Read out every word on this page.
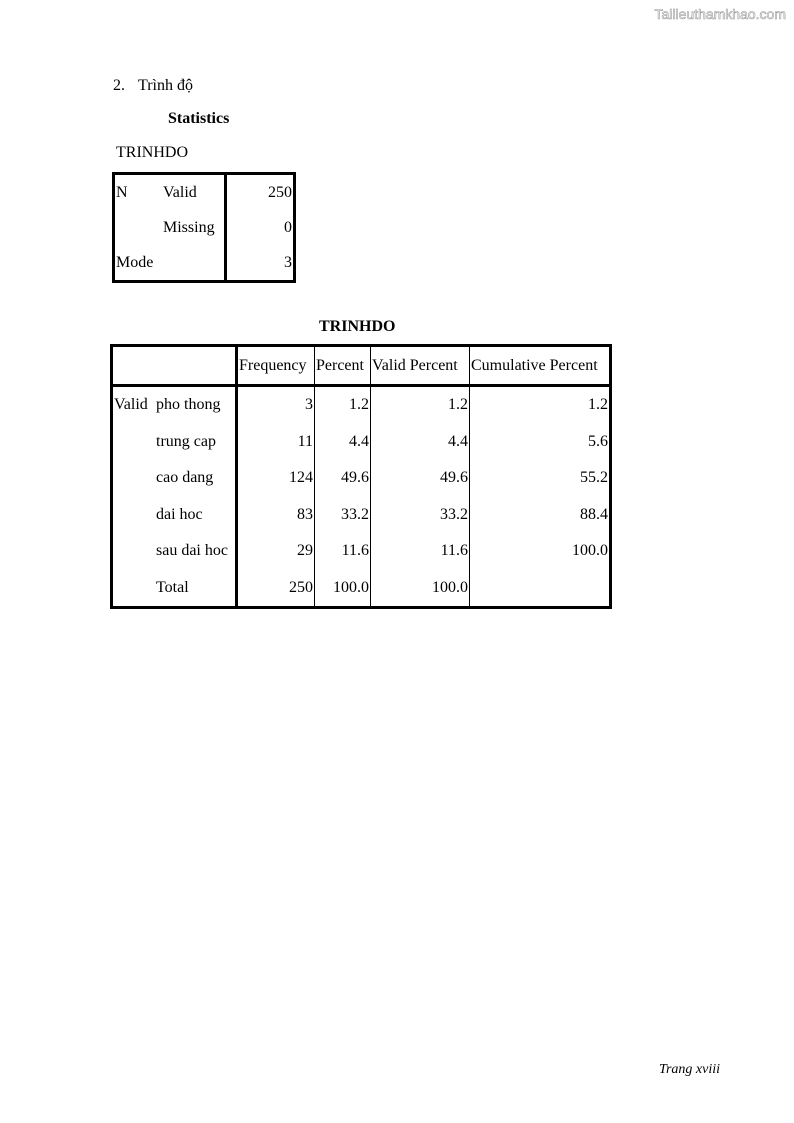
Tailieuthamkhao.com
2. Trình độ
Statistics
TRINHDO
N	Valid	250
	Missing	0
Mode		3
TRINHDO
		Frequency	Percent	Valid Percent	Cumulative Percent
Valid	pho thong	3	1.2	1.2	1.2
	trung cap	11	4.4	4.4	5.6
	cao dang	124	49.6	49.6	55.2
	dai hoc	83	33.2	33.2	88.4
	sau dai hoc	29	11.6	11.6	100.0
	Total	250	100.0	100.0	
Trang xviii
